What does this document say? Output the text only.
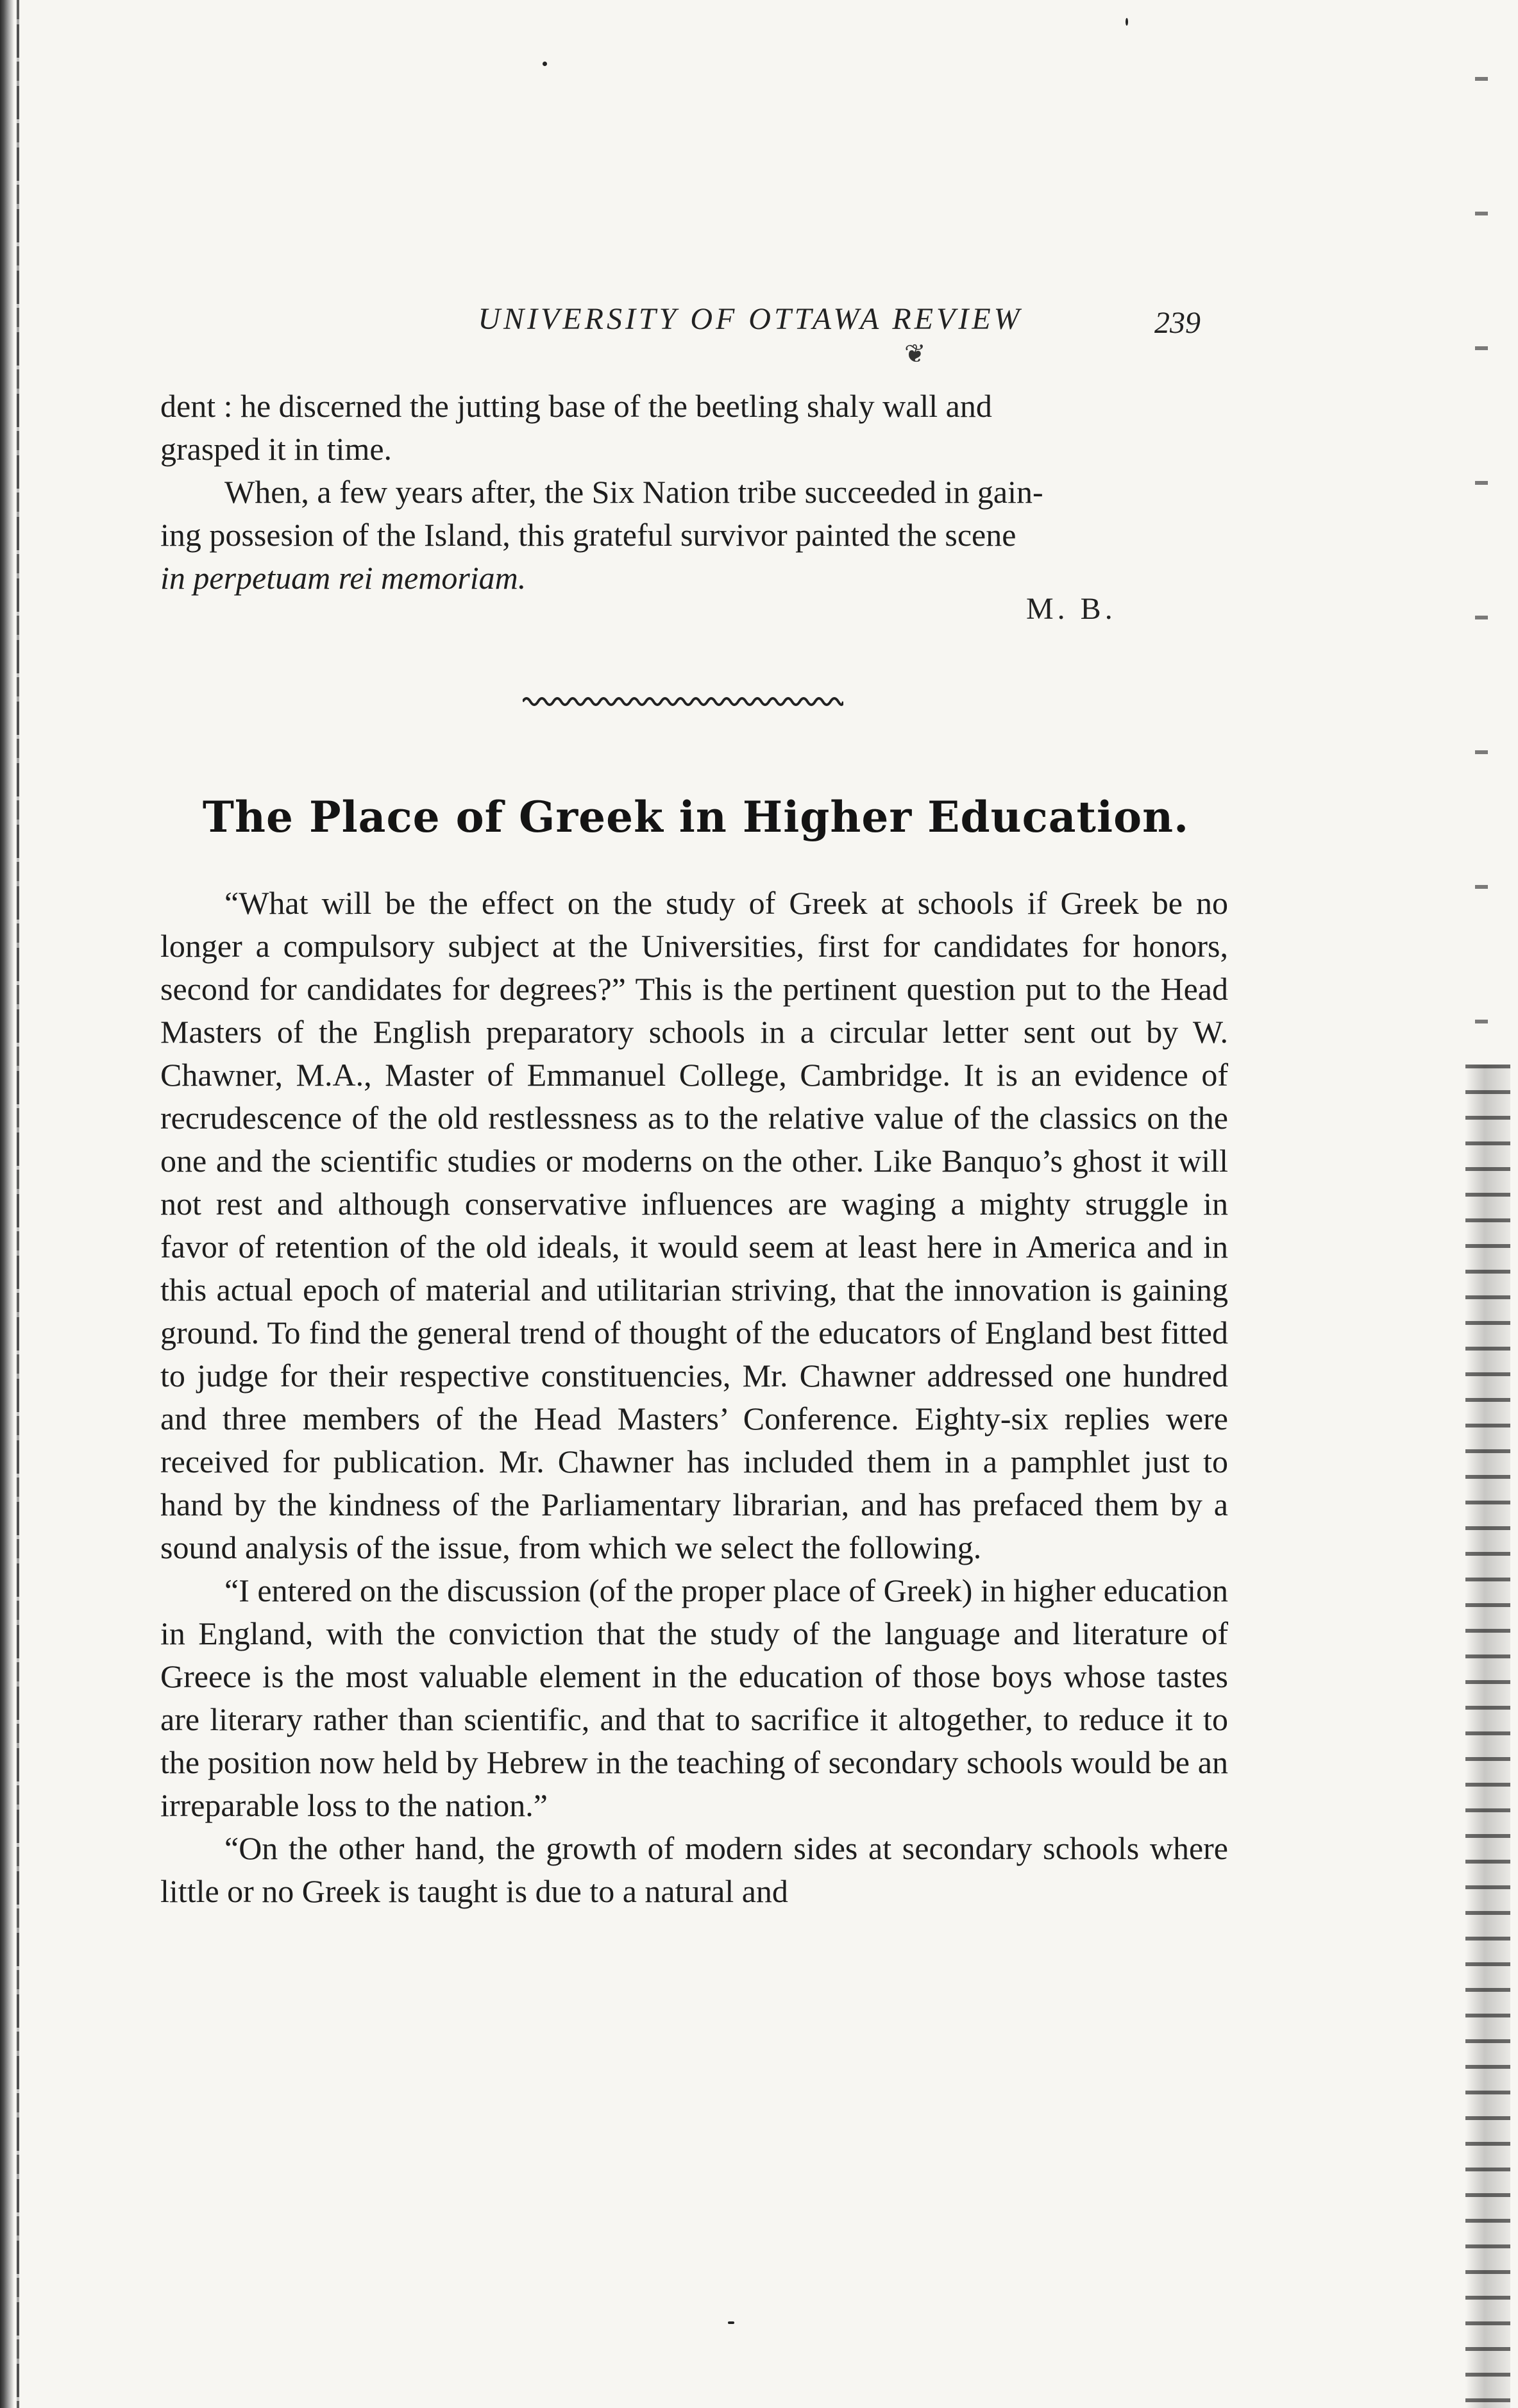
UNIVERSITY OF OTTAWA REVIEW	239
❦

dent : he discerned the jutting base of the beetling shaly wall and

grasped it in time.

When, a few years after, the Six Nation tribe succeeded in gain-

ing possesion of the Island, this grateful survivor painted the scene

in perpetuam rei memoriam.

M. B.
The Place of Greek in Higher Education.

“What will be the effect on the study of Greek at schools if Greek be no longer a compulsory subject at the Universities, first for candidates for honors, second for candidates for degrees?” This is the pertinent question put to the Head Masters of the English preparatory schools in a circular letter sent out by W. Chawner, M.A., Master of Emmanuel College, Cambridge. It is an evidence of recrudescence of the old restlessness as to the relative value of the classics on the one and the scientific studies or moderns on the other. Like Banquo’s ghost it will not rest and although conservative influences are waging a mighty struggle in favor of retention of the old ideals, it would seem at least here in America and in this actual epoch of material and utilitarian striving, that the innovation is gaining ground. To find the general trend of thought of the educators of England best fitted to judge for their respective constituencies, Mr. Chawner addressed one hundred and three members of the Head Masters’ Conference. Eighty-six replies were received for publication. Mr. Chawner has included them in a pamphlet just to hand by the kindness of the Parliamentary librarian, and has prefaced them by a sound analysis of the issue, from which we select the following.

“I entered on the discussion (of the proper place of Greek) in higher education in England, with the conviction that the study of the language and literature of Greece is the most valuable element in the education of those boys whose tastes are literary rather than scientific, and that to sacrifice it altogether, to reduce it to the position now held by Hebrew in the teaching of secondary schools would be an irreparable loss to the nation.”

“On the other hand, the growth of modern sides at secondary schools where little or no Greek is taught is due to a natural and
